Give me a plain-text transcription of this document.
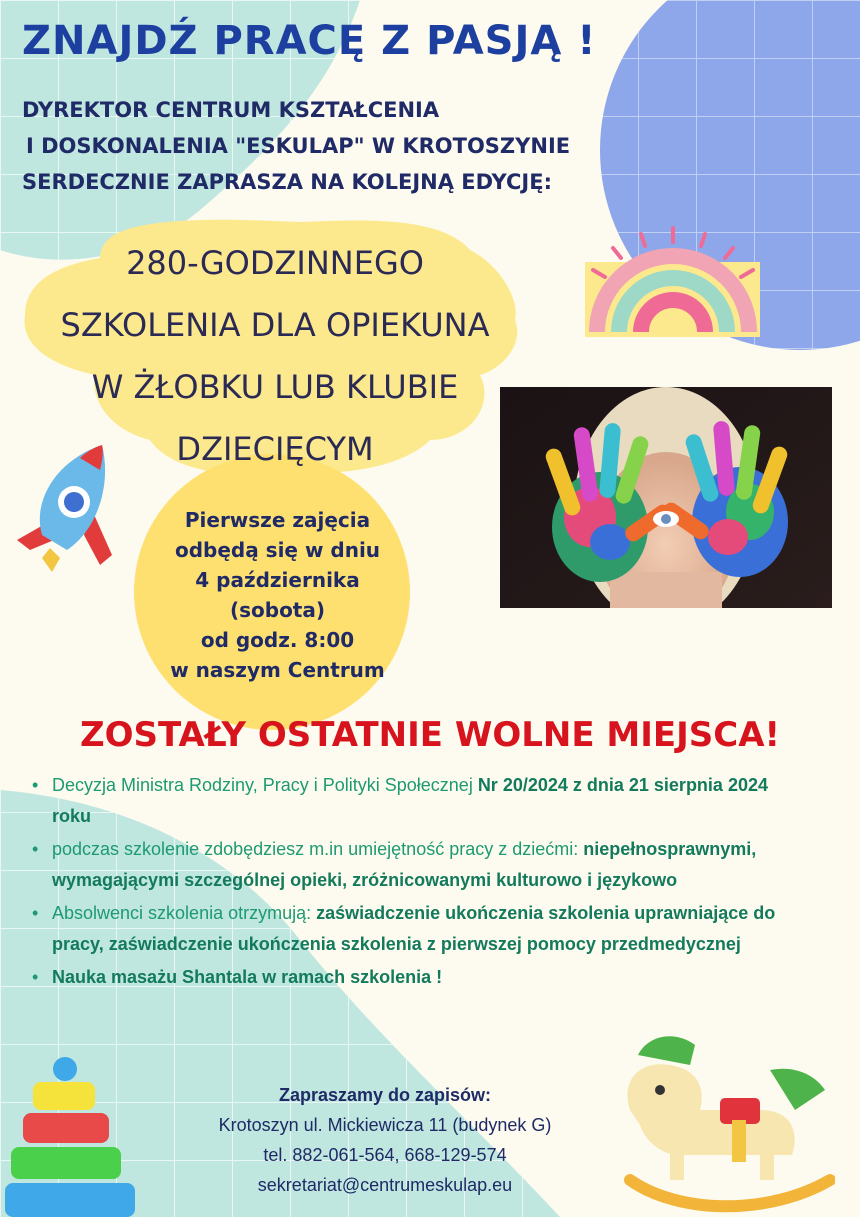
ZNAJDŹ PRACĘ Z PASJĄ !

DYREKTOR CENTRUM KSZTAŁCENIA
I DOSKONALENIA "ESKULAP" W KROTOSZYNIE
SERDECZNIE ZAPRASZA NA KOLEJNĄ EDYCJĘ:

280-GODZINNEGO
SZKOLENIA DLA OPIEKUNA
W ŻŁOBKU LUB KLUBIE
DZIECIĘCYM
Pierwsze zajęcia
odbędą się w dniu
4 października
(sobota)
od godz. 8:00
w naszym Centrum
ZOSTAŁY OSTATNIE WOLNE MIEJSCA!
• Decyzja Ministra Rodziny, Pracy i Polityki Społecznej Nr 20/2024 z dnia 21 sierpnia 2024 roku
• podczas szkolenie zdobędziesz m.in umiejętność pracy z dziećmi: niepełnosprawnymi, wymagającymi szczególnej opieki, zróżnicowanymi kulturowo i językowo
• Absolwenci szkolenia otrzymują: zaświadczenie ukończenia szkolenia uprawniające do pracy, zaświadczenie ukończenia szkolenia z pierwszej pomocy przedmedycznej
• Nauka masażu Shantala w ramach szkolenia !
Zapraszamy do zapisów:
Krotoszyn ul. Mickiewicza 11 (budynek G)
tel. 882-061-564, 668-129-574
sekretariat@centrumeskulap.eu
